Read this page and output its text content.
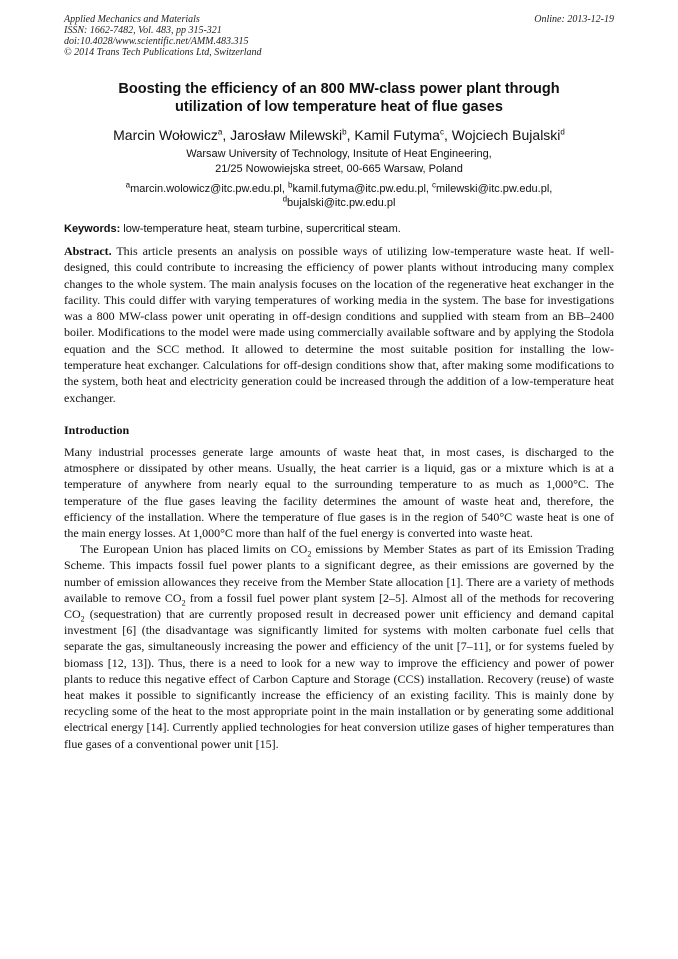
Online: 2013-12-19
Applied Mechanics and Materials
ISSN: 1662-7482, Vol. 483, pp 315-321
doi:10.4028/www.scientific.net/AMM.483.315
© 2014 Trans Tech Publications Ltd, Switzerland
Boosting the efficiency of an 800 MW-class power plant through
utilization of low temperature heat of flue gases
Marcin Wołowicz$^a$, Jarosław Milewski$^b$, Kamil Futyma$^c$, Wojciech Bujalski$^d$
Warsaw University of Technology, Insitute of Heat Engineering,
21/25 Nowowiejska street, 00-665 Warsaw, Poland
$^a$marcin.wolowicz@itc.pw.edu.pl, $^b$kamil.futyma@itc.pw.edu.pl, $^c$milewski@itc.pw.edu.pl,
$^d$bujalski@itc.pw.edu.pl
Keywords: low-temperature heat, steam turbine, supercritical steam.
Abstract. This article presents an analysis on possible ways of utilizing low-temperature waste heat. If well-designed, this could contribute to increasing the efficiency of power plants without introducing many complex changes to the whole system. The main analysis focuses on the location of the regenerative heat exchanger in the facility. This could differ with varying temperatures of working media in the system. The base for investigations was a 800 MW-class power unit operating in off-design conditions and supplied with steam from an BB–2400 boiler. Modifications to the model were made using commercially available software and by applying the Stodola equation and the SCC method. It allowed to determine the most suitable position for installing the low-temperature heat exchanger. Calculations for off-design conditions show that, after making some modifications to the system, both heat and electricity generation could be increased through the addition of a low-temperature heat exchanger.
Introduction

Many industrial processes generate large amounts of waste heat that, in most cases, is discharged to the atmosphere or dissipated by other means. Usually, the heat carrier is a liquid, gas or a mixture which is at a temperature of anywhere from nearly equal to the surrounding temperature to as much as 1,000°C. The temperature of the flue gases leaving the facility determines the amount of waste heat and, therefore, the efficiency of the installation. Where the temperature of flue gases is in the region of 540°C waste heat is one of the main energy losses. At 1,000°C more than half of the fuel energy is converted into waste heat.

The European Union has placed limits on $CO_2$ emissions by Member States as part of its Emission Trading Scheme. This impacts fossil fuel power plants to a significant degree, as their emissions are governed by the number of emission allowances they receive from the Member State allocation [1]. There are a variety of methods available to remove $CO_2$ from a fossil fuel power plant system [2–5]. Almost all of the methods for recovering $CO_2$ (sequestration) that are currently proposed result in decreased power unit efficiency and demand capital investment [6] (the disadvantage was significantly limited for systems with molten carbonate fuel cells that separate the gas, simultaneously increasing the power and efficiency of the unit [7–11], or for systems fueled by biomass [12, 13]). Thus, there is a need to look for a new way to improve the efficiency and power of power plants to reduce this negative effect of Carbon Capture and Storage (CCS) installation. Recovery (reuse) of waste heat makes it possible to significantly increase the efficiency of an existing facility. This is mainly done by recycling some of the heat to the most appropriate point in the main installation or by generating some additional electrical energy [14]. Currently applied technologies for heat conversion utilize gases of higher temperatures than flue gases of a conventional power unit [15].
